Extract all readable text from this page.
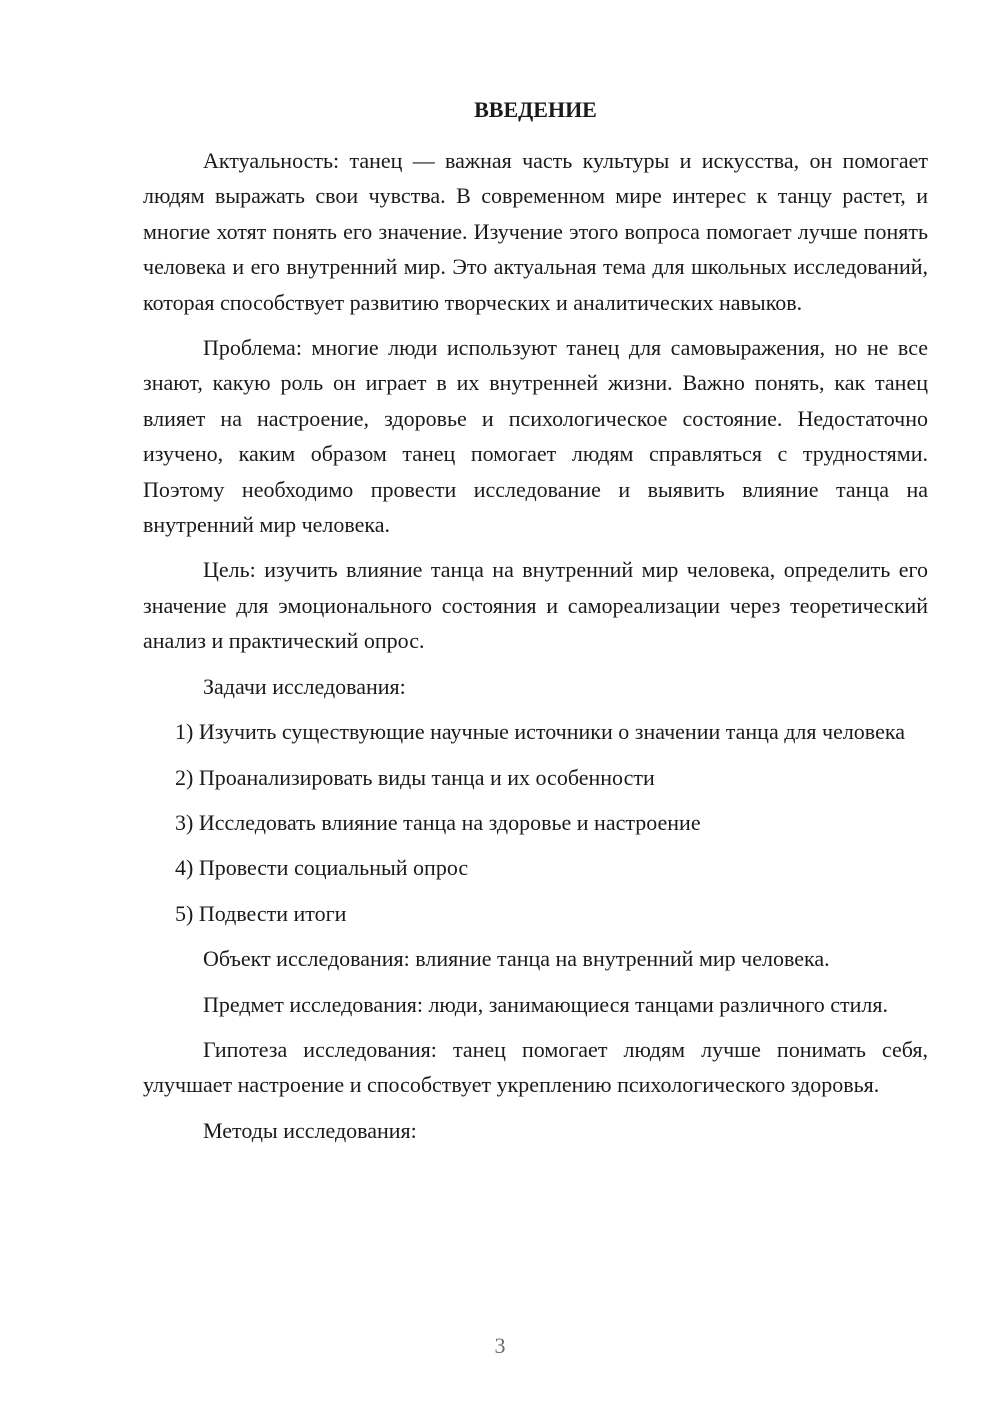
ВВЕДЕНИЕ

Актуальность: танец — важная часть культуры и искусства, он помогает людям выражать свои чувства. В современном мире интерес к танцу растет, и многие хотят понять его значение. Изучение этого вопроса помогает лучше понять человека и его внутренний мир. Это актуальная тема для школьных исследований, которая способствует развитию творческих и аналитических навыков.

Проблема: многие люди используют танец для самовыражения, но не все знают, какую роль он играет в их внутренней жизни. Важно понять, как танец влияет на настроение, здоровье и психологическое состояние. Недостаточно изучено, каким образом танец помогает людям справляться с трудностями. Поэтому необходимо провести исследование и выявить влияние танца на внутренний мир человека.

Цель: изучить влияние танца на внутренний мир человека, определить его значение для эмоционального состояния и самореализации через теоретический анализ и практический опрос.

Задачи исследования:

1) Изучить существующие научные источники о значении танца для человека

2) Проанализировать виды танца и их особенности

3) Исследовать влияние танца на здоровье и настроение

4) Провести социальный опрос

5) Подвести итоги

Объект исследования: влияние танца на внутренний мир человека.

Предмет исследования: люди, занимающиеся танцами различного стиля.

Гипотеза исследования: танец помогает людям лучше понимать себя, улучшает настроение и способствует укреплению психологического здоровья.

Методы исследования:

3
